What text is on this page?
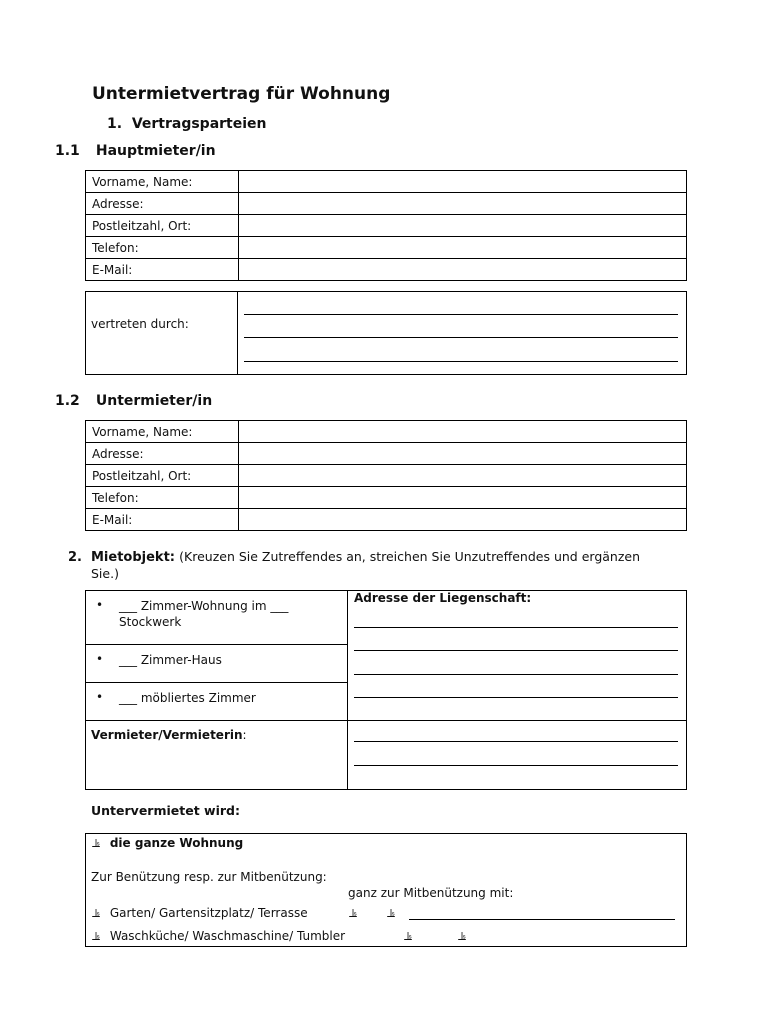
Untermietvertrag für Wohnung
1. Vertragsparteien
1.1 Hauptmieter/in
Vorname, Name:	
Adresse:	
Postleitzahl, Ort:	
Telefon:	
E-Mail:	
vertreten durch:
1.2 Untermieter/in
Vorname, Name:	
Adresse:	
Postleitzahl, Ort:	
Telefon:	
E-Mail:	
2. Mietobjekt: (Kreuzen Sie Zutreffendes an, streichen Sie Unzutreffendes und ergänzen
Sie.)
• ___ Zimmer-Wohnung im ___
Stockwerk
• ___ Zimmer-Haus
• ___ möbliertes Zimmer
Adresse der Liegenschaft:
Vermieter/Vermieterin:
Untervermietet wird:
⫡ die ganze Wohnung
Zur Benützung resp. zur Mitbenützung:
ganz zur Mitbenützung mit:
⫡ Garten/ Gartensitzplatz/ Terrasse	⫡ ⫡
⫡ Waschküche/ Waschmaschine/ Tumbler	⫡	⫡
